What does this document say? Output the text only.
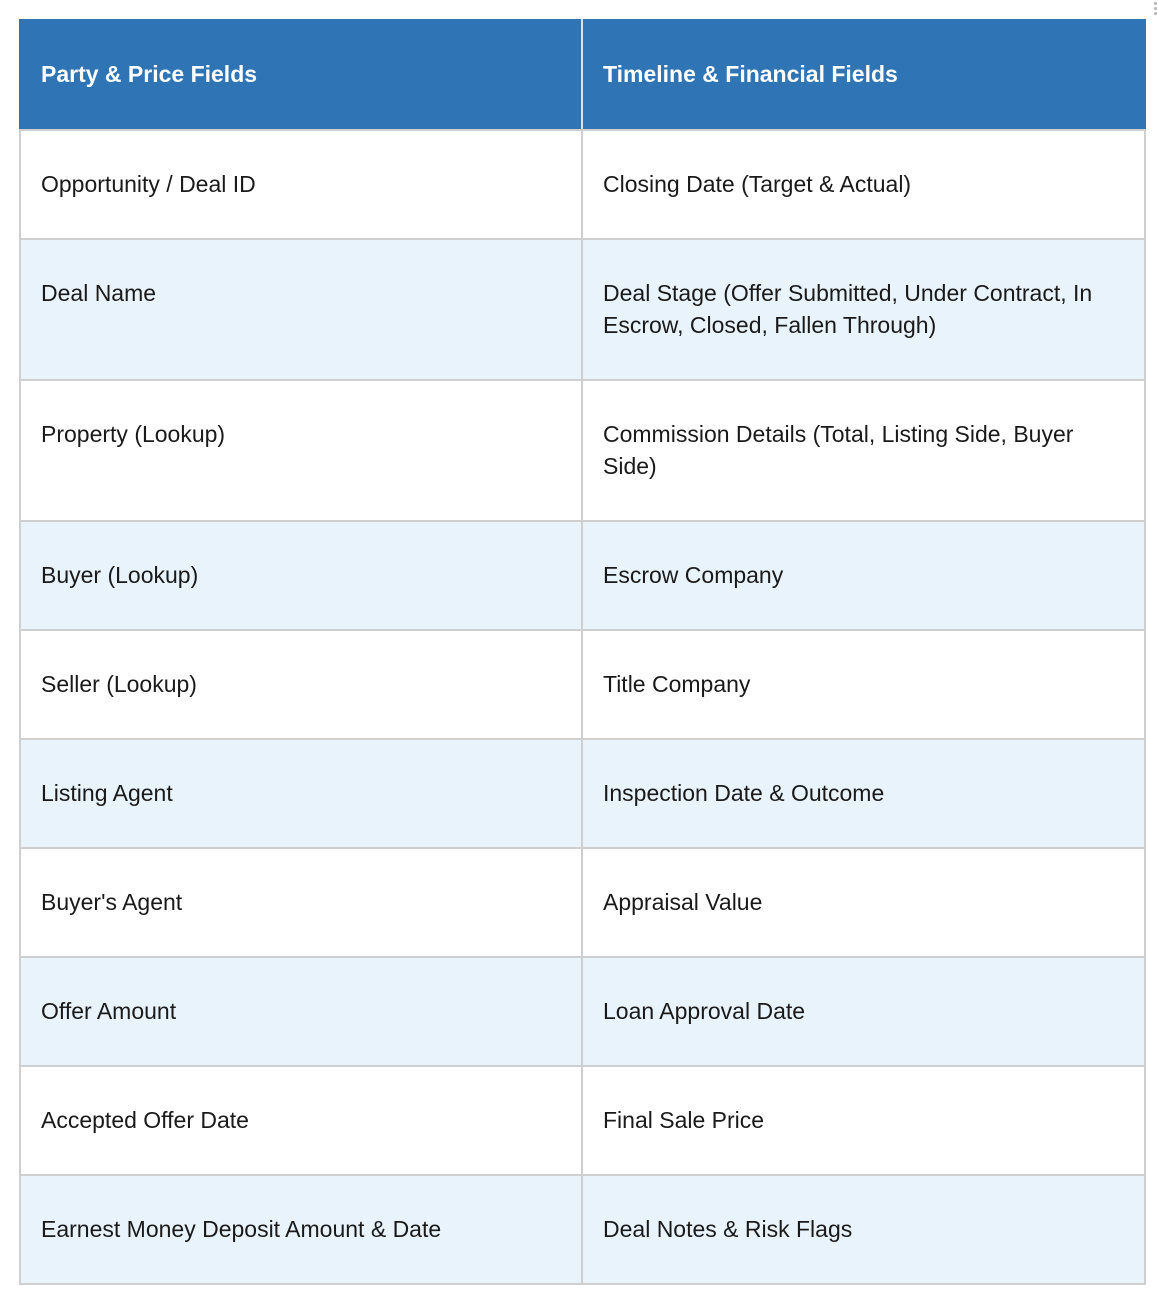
Party & Price Fields	Timeline & Financial Fields
Opportunity / Deal ID	Closing Date (Target & Actual)
Deal Name	Deal Stage (Offer Submitted, Under Contract, In Escrow, Closed, Fallen Through)
Property (Lookup)	Commission Details (Total, Listing Side, Buyer Side)
Buyer (Lookup)	Escrow Company
Seller (Lookup)	Title Company
Listing Agent	Inspection Date & Outcome
Buyer's Agent	Appraisal Value
Offer Amount	Loan Approval Date
Accepted Offer Date	Final Sale Price
Earnest Money Deposit Amount & Date	Deal Notes & Risk Flags
